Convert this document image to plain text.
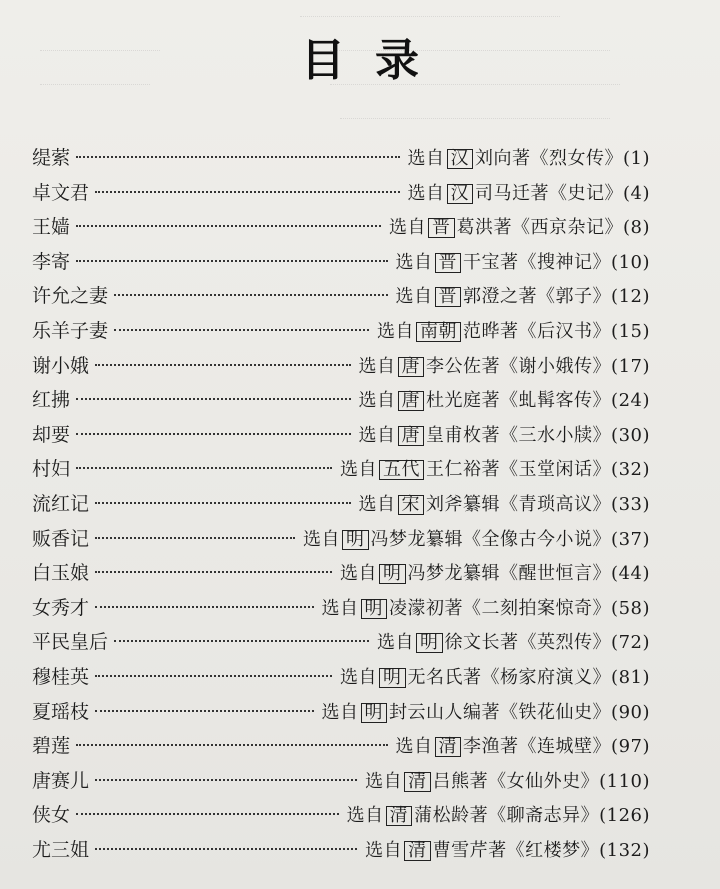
目录
缇萦	选自 汉 刘向著《烈女传》(1)
卓文君	选自 汉 司马迁著《史记》(4)
王嫱	选自 晋 葛洪著《西京杂记》(8)
李寄	选自 晋 干宝著《搜神记》(10)
许允之妻	选自 晋 郭澄之著《郭子》(12)
乐羊子妻	选自 南朝 范晔著《后汉书》(15)
谢小娥	选自 唐 李公佐著《谢小娥传》(17)
红拂	选自 唐 杜光庭著《虬髯客传》(24)
却要	选自 唐 皇甫枚著《三水小牍》(30)
村妇	选自 五代 王仁裕著《玉堂闲话》(32)
流红记	选自 宋 刘斧纂辑《青琐高议》(33)
贩香记	选自 明 冯梦龙纂辑《全像古今小说》(37)
白玉娘	选自 明 冯梦龙纂辑《醒世恒言》(44)
女秀才	选自 明 凌濛初著《二刻拍案惊奇》(58)
平民皇后	选自 明 徐文长著《英烈传》(72)
穆桂英	选自 明 无名氏著《杨家府演义》(81)
夏瑶枝	选自 明 封云山人编著《铁花仙史》(90)
碧莲	选自 清 李渔著《连城壁》(97)
唐赛儿	选自 清 吕熊著《女仙外史》(110)
侠女	选自 清 蒲松龄著《聊斋志异》(126)
尤三姐	选自 清 曹雪芹著《红楼梦》(132)
